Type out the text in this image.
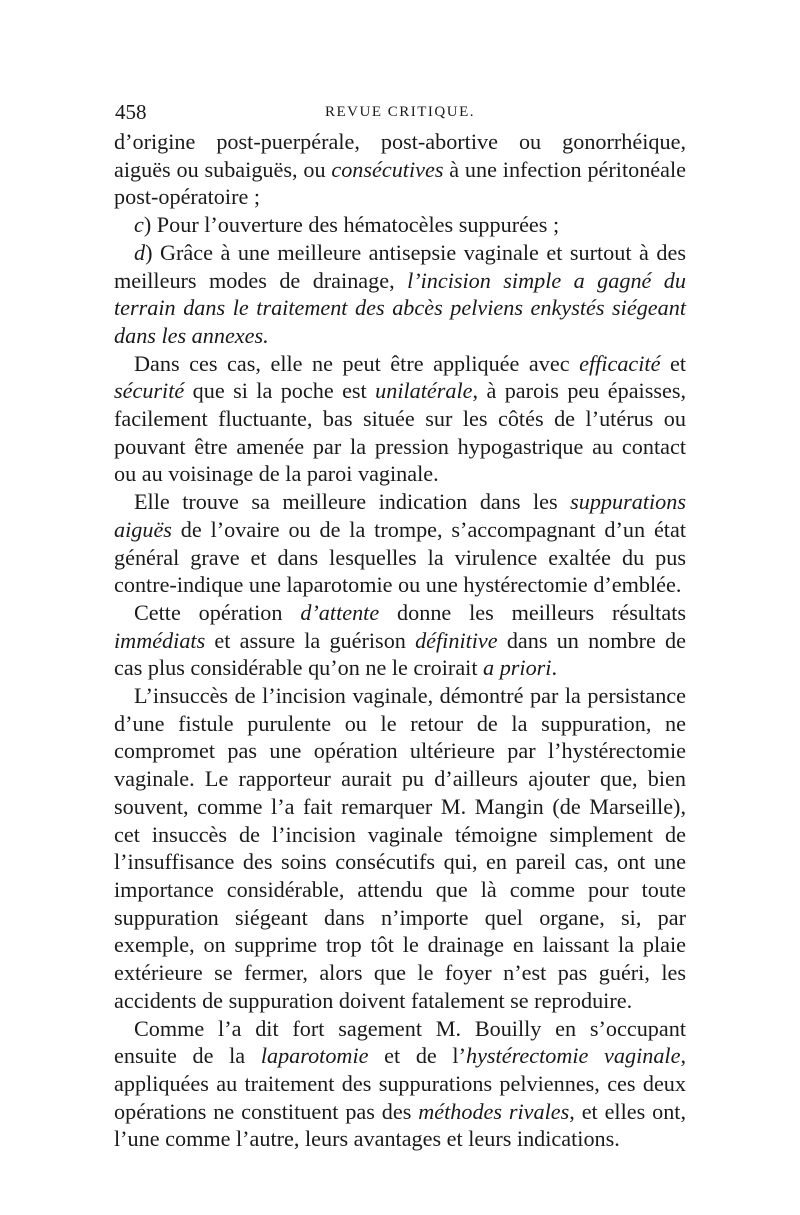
458	REVUE CRITIQUE.

d’origine post-puerpérale, post-abortive ou gonorrhéique, aiguës ou subaiguës, ou consécutives à une infection péritonéale post-opératoire ;

c) Pour l’ouverture des hématocèles suppurées ;

d) Grâce à une meilleure antisepsie vaginale et surtout à des meilleurs modes de drainage, l’incision simple a gagné du terrain dans le traitement des abcès pelviens enkystés siégeant dans les annexes.

Dans ces cas, elle ne peut être appliquée avec efficacité et sécurité que si la poche est unilatérale, à parois peu épaisses, facilement fluctuante, bas située sur les côtés de l’utérus ou pouvant être amenée par la pression hypogastrique au contact ou au voisinage de la paroi vaginale.

Elle trouve sa meilleure indication dans les suppurations aiguës de l’ovaire ou de la trompe, s’accompagnant d’un état général grave et dans lesquelles la virulence exaltée du pus contre-indique une laparotomie ou une hystérectomie d’emblée.

Cette opération d’attente donne les meilleurs résultats immédiats et assure la guérison définitive dans un nombre de cas plus considérable qu’on ne le croirait a priori.

L’insuccès de l’incision vaginale, démontré par la persistance d’une fistule purulente ou le retour de la suppuration, ne compromet pas une opération ultérieure par l’hystérectomie vaginale. Le rapporteur aurait pu d’ailleurs ajouter que, bien souvent, comme l’a fait remarquer M. Mangin (de Marseille), cet insuccès de l’incision vaginale témoigne simplement de l’insuffisance des soins consécutifs qui, en pareil cas, ont une importance considérable, attendu que là comme pour toute suppuration siégeant dans n’importe quel organe, si, par exemple, on supprime trop tôt le drainage en laissant la plaie extérieure se fermer, alors que le foyer n’est pas guéri, les accidents de suppuration doivent fatalement se reproduire.

Comme l’a dit fort sagement M. Bouilly en s’occupant ensuite de la laparotomie et de l’hystérectomie vaginale, appliquées au traitement des suppurations pelviennes, ces deux opérations ne constituent pas des méthodes rivales, et elles ont, l’une comme l’autre, leurs avantages et leurs indications.
